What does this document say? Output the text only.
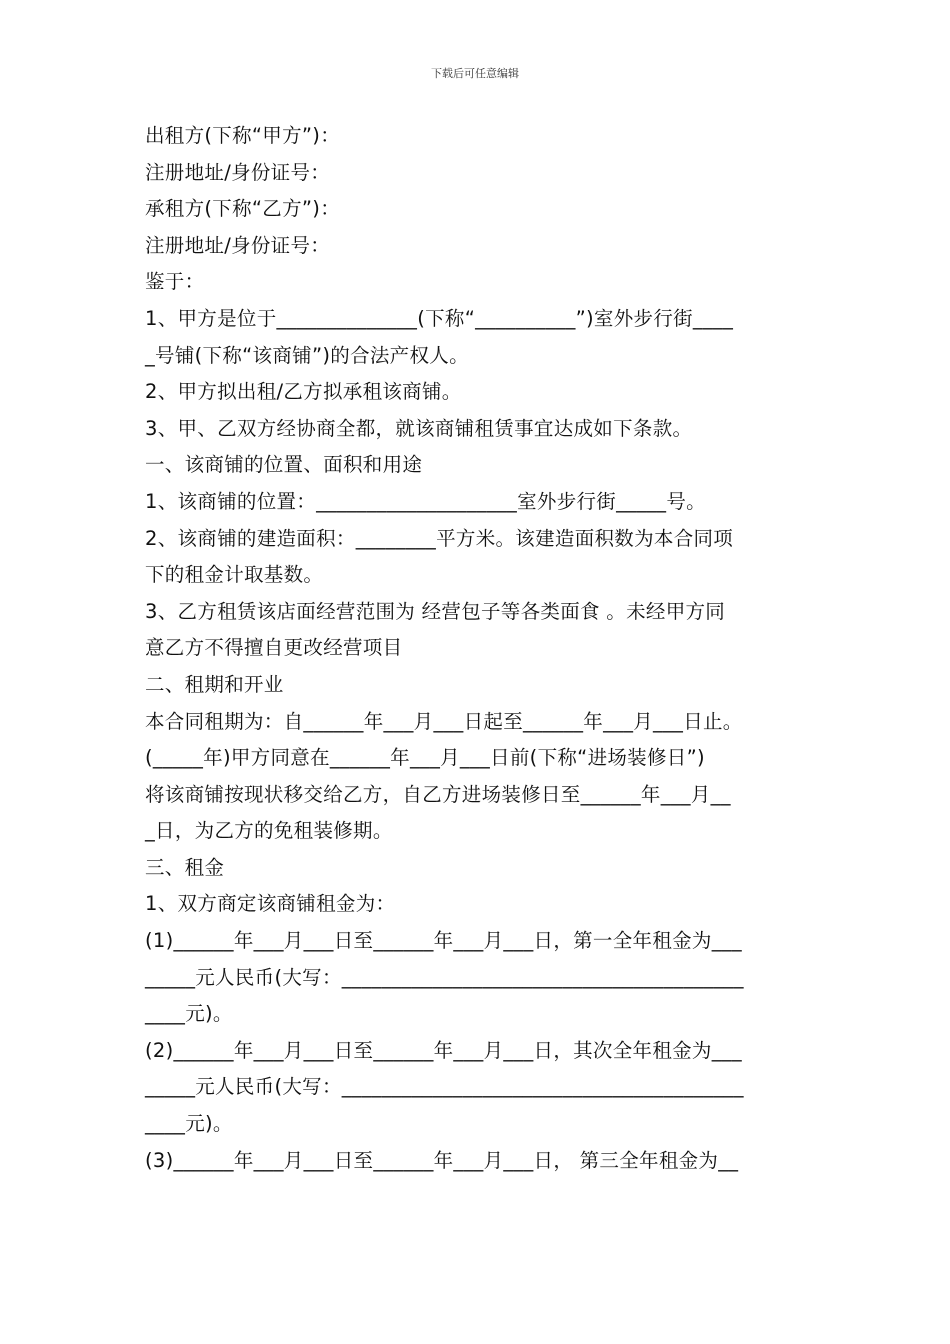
下载后可任意编辑
出租方(下称“甲方”)：
注册地址/身份证号：
承租方(下称“乙方”)：
注册地址/身份证号：
鉴于：
1、甲方是位于______________(下称“__________”)室外步行街____
_号铺(下称“该商铺”)的合法产权人。
2、甲方拟出租/乙方拟承租该商铺。
3、甲、乙双方经协商全都，就该商铺租赁事宜达成如下条款。
一、该商铺的位置、面积和用途
1、该商铺的位置：____________________室外步行街_____号。
2、该商铺的建造面积：________平方米。该建造面积数为本合同项
下的租金计取基数。
3、乙方租赁该店面经营范围为 经营包子等各类面食 。未经甲方同
意乙方不得擅自更改经营项目
二、租期和开业
本合同租期为：自______年___月___日起至______年___月___日止。
(_____年)甲方同意在______年___月___日前(下称“进场装修日”)
将该商铺按现状移交给乙方，自乙方进场装修日至______年___月__
_日，为乙方的免租装修期。
三、租金
1、双方商定该商铺租金为：
(1)______年___月___日至______年___月___日，第一全年租金为___
_____元人民币(大写：________________________________________
____元)。
(2)______年___月___日至______年___月___日，其次全年租金为___
_____元人民币(大写：________________________________________
____元)。
(3)______年___月___日至______年___月___日， 第三全年租金为__
